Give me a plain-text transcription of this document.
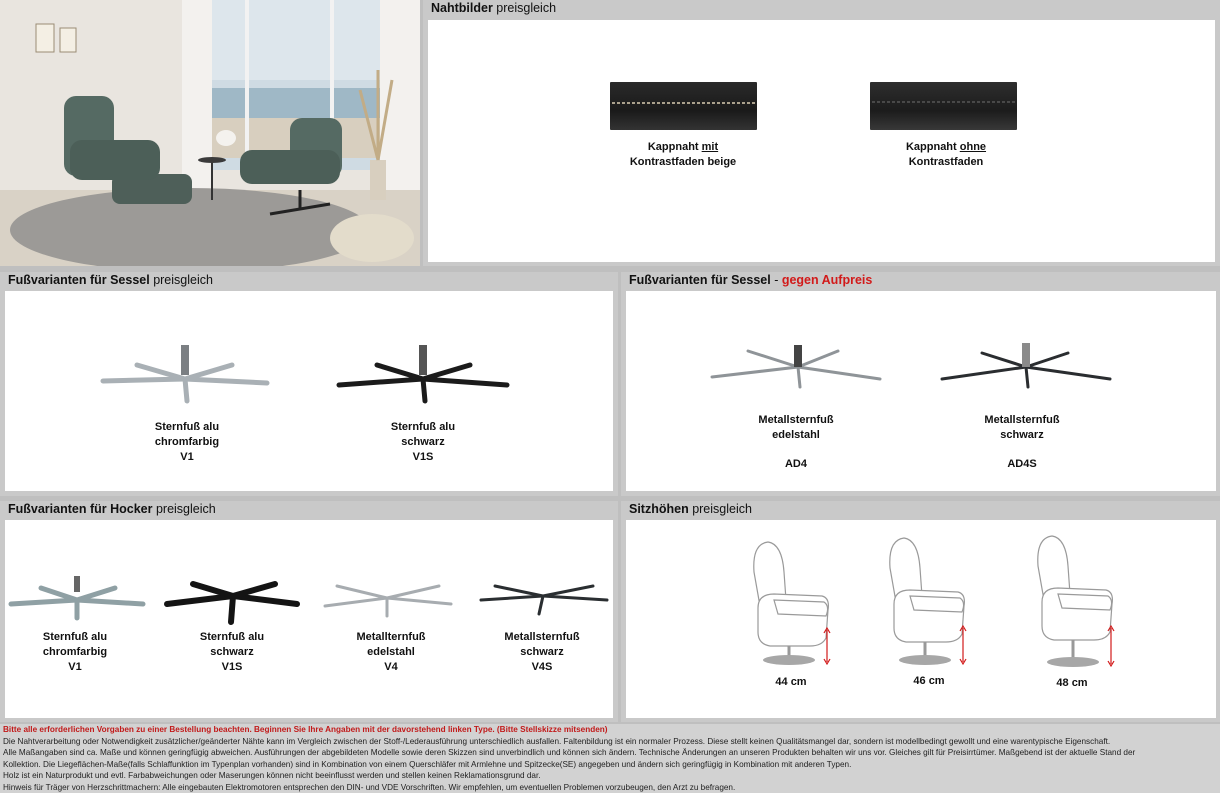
Nahtbilder preisgleich
Kappnaht mit
Kontrastfaden beige
Kappnaht ohne
Kontrastfaden
Fußvarianten für Sessel preisgleich
Sternfuß alu
chromfarbig
V1
Sternfuß alu
schwarz
V1S
Fußvarianten für Sessel - gegen Aufpreis
Metallsternfuß
edelstahl
AD4
Metallsternfuß
schwarz
AD4S
Fußvarianten für Hocker preisgleich
Sternfuß alu
chromfarbig
V1
Sternfuß alu
schwarz
V1S
Metallternfuß
edelstahl
V4
Metallsternfuß
schwarz
V4S
Sitzhöhen preisgleich
44 cm	46 cm	48 cm
Bitte alle erforderlichen Vorgaben zu einer Bestellung beachten. Beginnen Sie Ihre Angaben mit der davorstehend linken Type. (Bitte Stellskizze mitsenden)
Die Nahtverarbeitung oder Notwendigkeit zusätzlicher/geänderter Nähte kann im Vergleich zwischen der Stoff-/Lederausführung unterschiedlich ausfallen. Faltenbildung ist ein normaler Prozess. Diese stellt keinen Qualitätsmangel dar, sondern ist modellbedingt gewollt und eine warentypische Eigenschaft.
Alle Maßangaben sind ca. Maße und können geringfügig abweichen. Ausführungen der abgebildeten Modelle sowie deren Skizzen sind unverbindlich und können sich ändern. Technische Änderungen an unseren Produkten behalten wir uns vor. Gleiches gilt für Preisirrtümer. Maßgebend ist der aktuelle Stand der
Kollektion. Die Liegeflächen-Maße(falls Schlaffunktion im Typenplan vorhanden) sind in Kombination von einem Querschläfer mit Armlehne und Spitzecke(SE) angegeben und ändern sich geringfügig in Kombination mit anderen Typen.
Holz ist ein Naturprodukt und evtl. Farbabweichungen oder Maserungen können nicht beeinflusst werden und stellen keinen Reklamationsgrund dar.
Hinweis für Träger von Herzschrittmachern: Alle eingebauten Elektromotoren entsprechen den DIN- und VDE Vorschriften. Wir empfehlen, um eventuellen Problemen vorzubeugen, den Arzt zu befragen.
